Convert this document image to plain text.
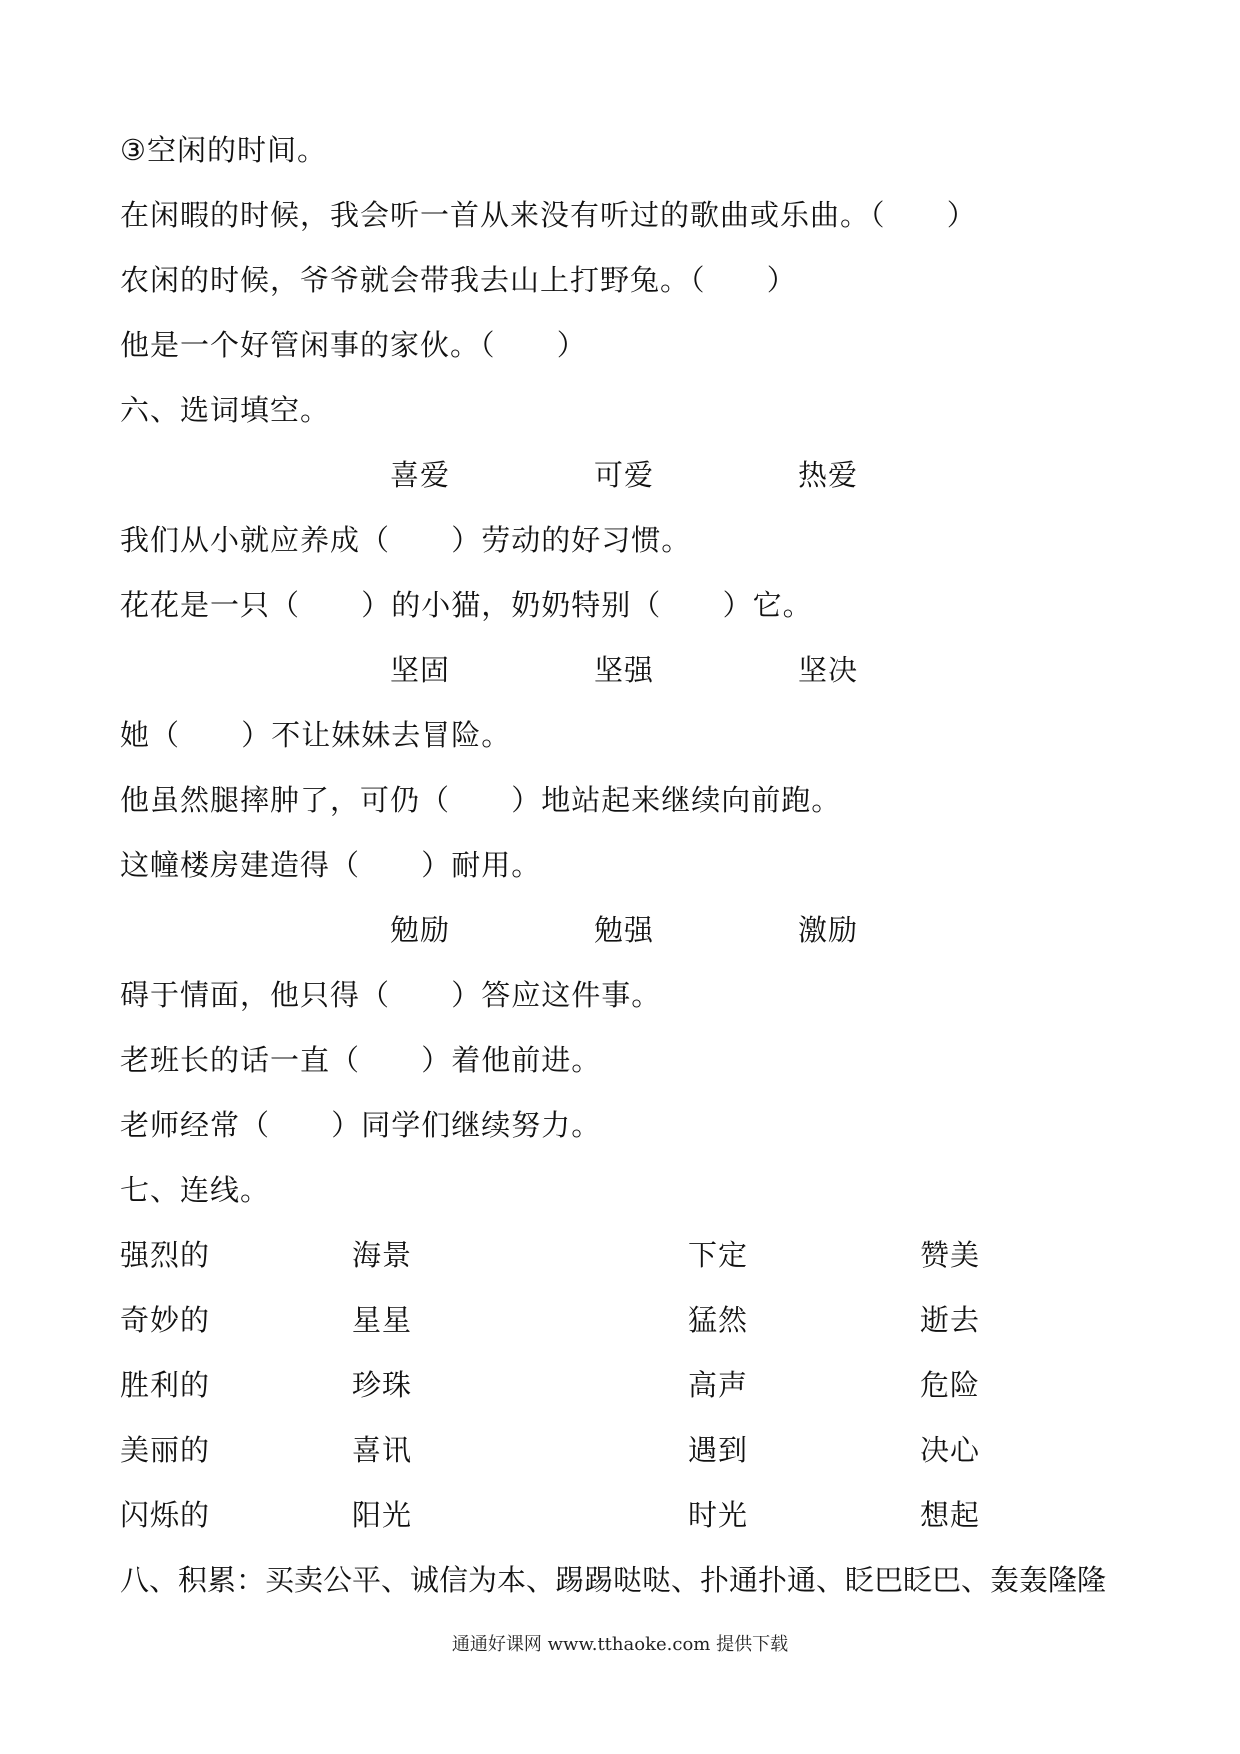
③空闲的时间。
在闲暇的时候，我会听一首从来没有听过的歌曲或乐曲。（      ）
农闲的时候，爷爷就会带我去山上打野兔。（      ）
他是一个好管闲事的家伙。（      ）
六、选词填空。
喜爱	可爱	热爱
我们从小就应养成（      ）劳动的好习惯。
花花是一只（      ）的小猫，奶奶特别（      ）它。
坚固	坚强	坚决
她（      ）不让妹妹去冒险。
他虽然腿摔肿了，可仍（      ）地站起来继续向前跑。
这幢楼房建造得（      ）耐用。
勉励	勉强	激励
碍于情面，他只得（      ）答应这件事。
老班长的话一直（      ）着他前进。
老师经常（      ）同学们继续努力。
七、连线。
强烈的	海景	下定	赞美
奇妙的	星星	猛然	逝去
胜利的	珍珠	高声	危险
美丽的	喜讯	遇到	决心
闪烁的	阳光	时光	想起
八、积累：买卖公平、诚信为本、踢踢哒哒、扑通扑通、眨巴眨巴、轰轰隆隆
通通好课网 www.tthaoke.com 提供下载
